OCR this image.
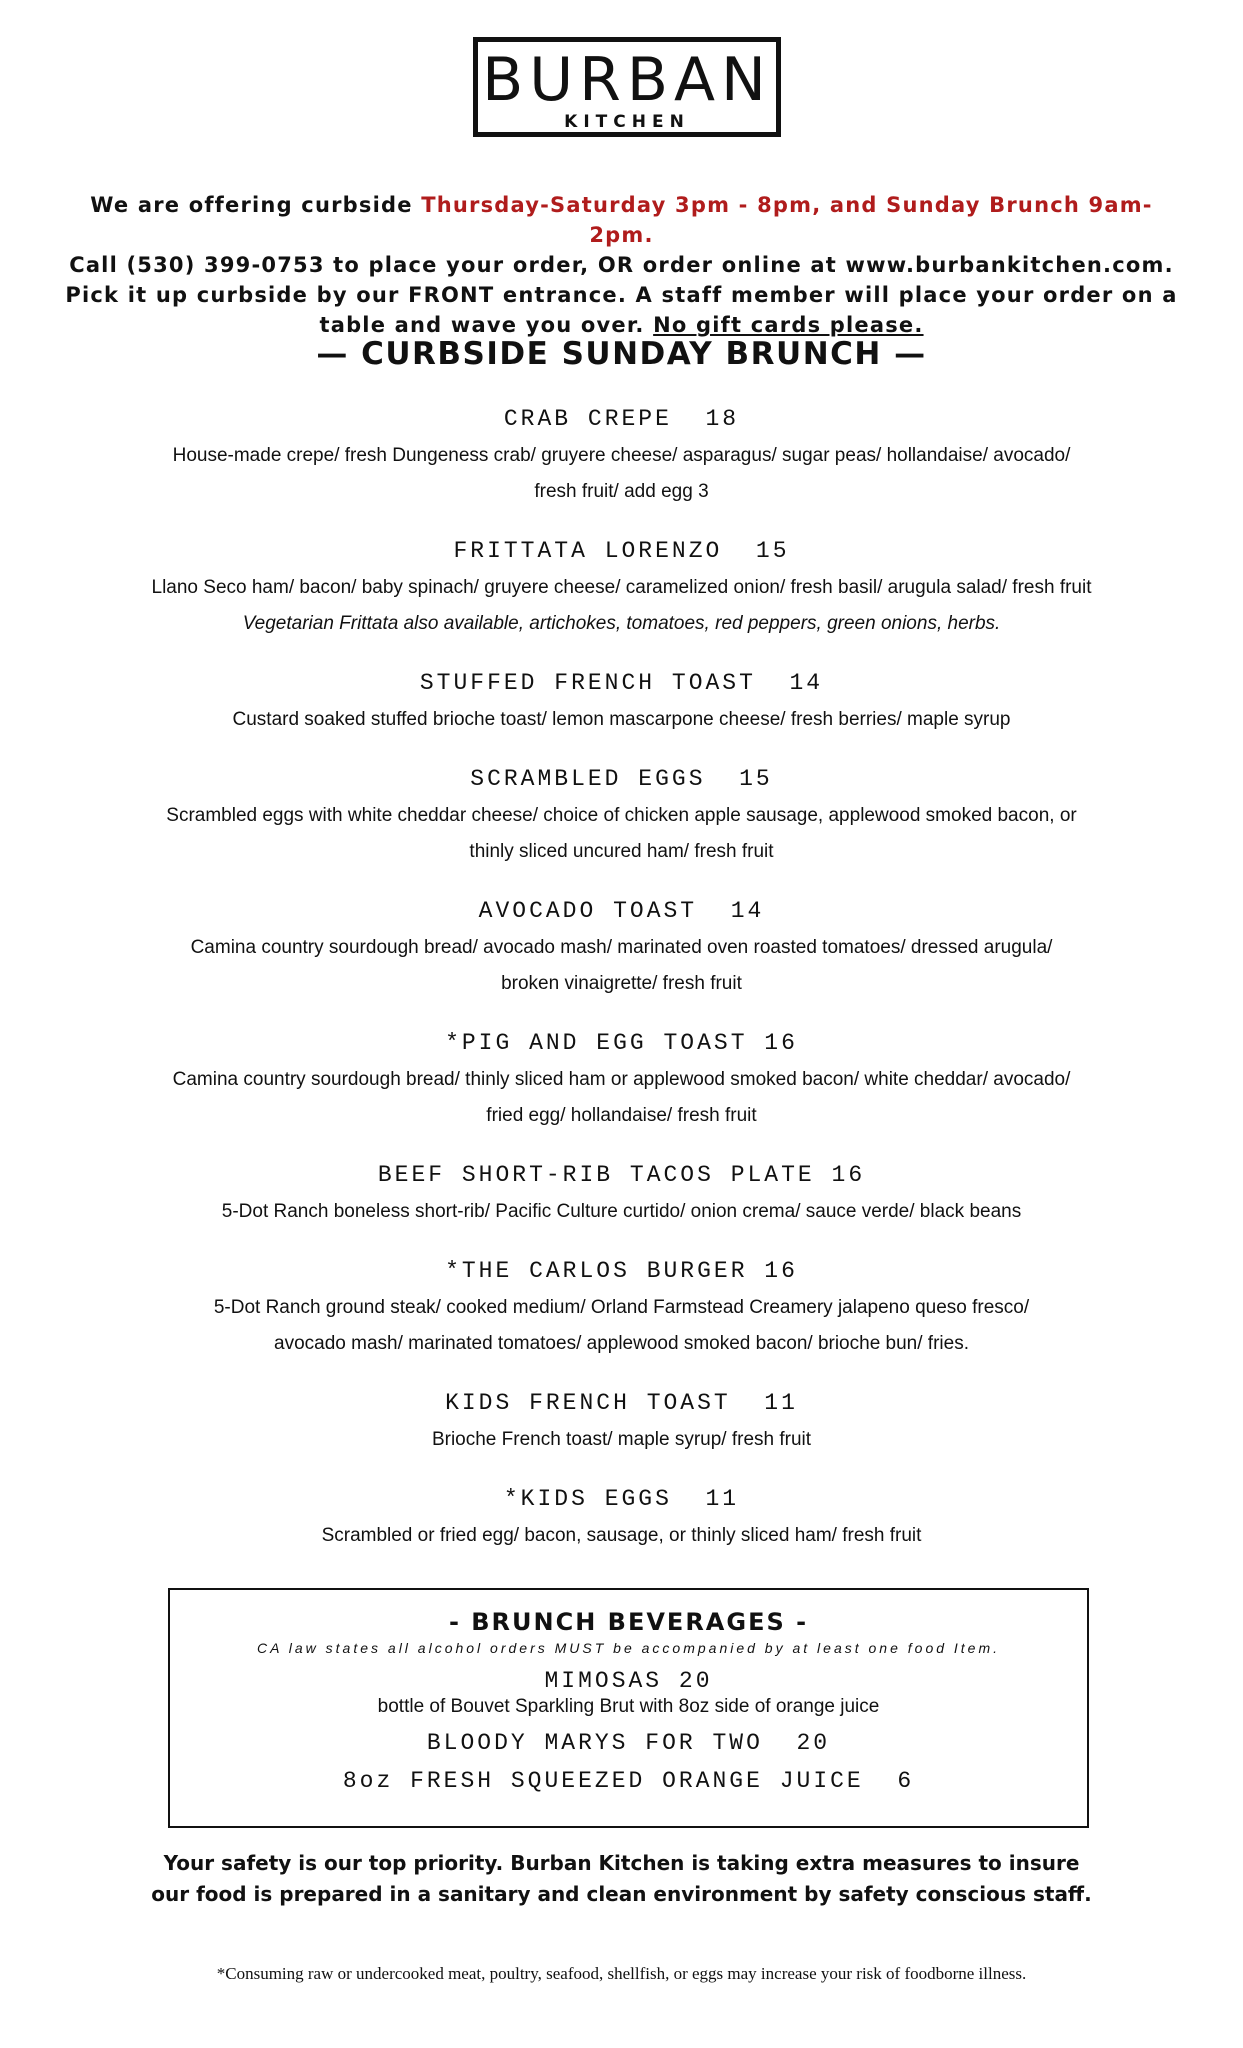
BURBAN
KITCHEN
We are offering curbside Thursday-Saturday 3pm - 8pm, and Sunday Brunch 9am-2pm.
Call (530) 399-0753 to place your order, OR order online at www.burbankitchen.com.
Pick it up curbside by our FRONT entrance. A staff member will place your order on a
table and wave you over. No gift cards please.
— CURBSIDE SUNDAY BRUNCH —
CRAB CREPE  18
House-made crepe/ fresh Dungeness crab/ gruyere cheese/ asparagus/ sugar peas/ hollandaise/ avocado/
fresh fruit/ add egg 3
FRITTATA LORENZO  15
Llano Seco ham/ bacon/ baby spinach/ gruyere cheese/ caramelized onion/ fresh basil/ arugula salad/ fresh fruit
Vegetarian Frittata also available, artichokes, tomatoes, red peppers, green onions, herbs.
STUFFED FRENCH TOAST  14
Custard soaked stuffed brioche toast/ lemon mascarpone cheese/ fresh berries/ maple syrup
SCRAMBLED EGGS  15
Scrambled eggs with white cheddar cheese/ choice of chicken apple sausage, applewood smoked bacon, or
thinly sliced uncured ham/ fresh fruit
AVOCADO TOAST  14
Camina country sourdough bread/ avocado mash/ marinated oven roasted tomatoes/ dressed arugula/
broken vinaigrette/ fresh fruit
*PIG AND EGG TOAST 16
Camina country sourdough bread/ thinly sliced ham or applewood smoked bacon/ white cheddar/ avocado/
fried egg/ hollandaise/ fresh fruit
BEEF SHORT-RIB TACOS PLATE 16
5-Dot Ranch boneless short-rib/ Pacific Culture curtido/ onion crema/ sauce verde/ black beans
*THE CARLOS BURGER 16
5-Dot Ranch ground steak/ cooked medium/ Orland Farmstead Creamery jalapeno queso fresco/
avocado mash/ marinated tomatoes/ applewood smoked bacon/ brioche bun/ fries.
KIDS FRENCH TOAST  11
Brioche French toast/ maple syrup/ fresh fruit
*KIDS EGGS  11
Scrambled or fried egg/ bacon, sausage, or thinly sliced ham/ fresh fruit
- BRUNCH BEVERAGES -
CA law states all alcohol orders MUST be accompanied by at least one food Item.
MIMOSAS 20
bottle of Bouvet Sparkling Brut with 8oz side of orange juice
BLOODY MARYS FOR TWO  20
8oz FRESH SQUEEZED ORANGE JUICE  6
Your safety is our top priority. Burban Kitchen is taking extra measures to insure
our food is prepared in a sanitary and clean environment by safety conscious staff.
*Consuming raw or undercooked meat, poultry, seafood, shellfish, or eggs may increase your risk of foodborne illness.
